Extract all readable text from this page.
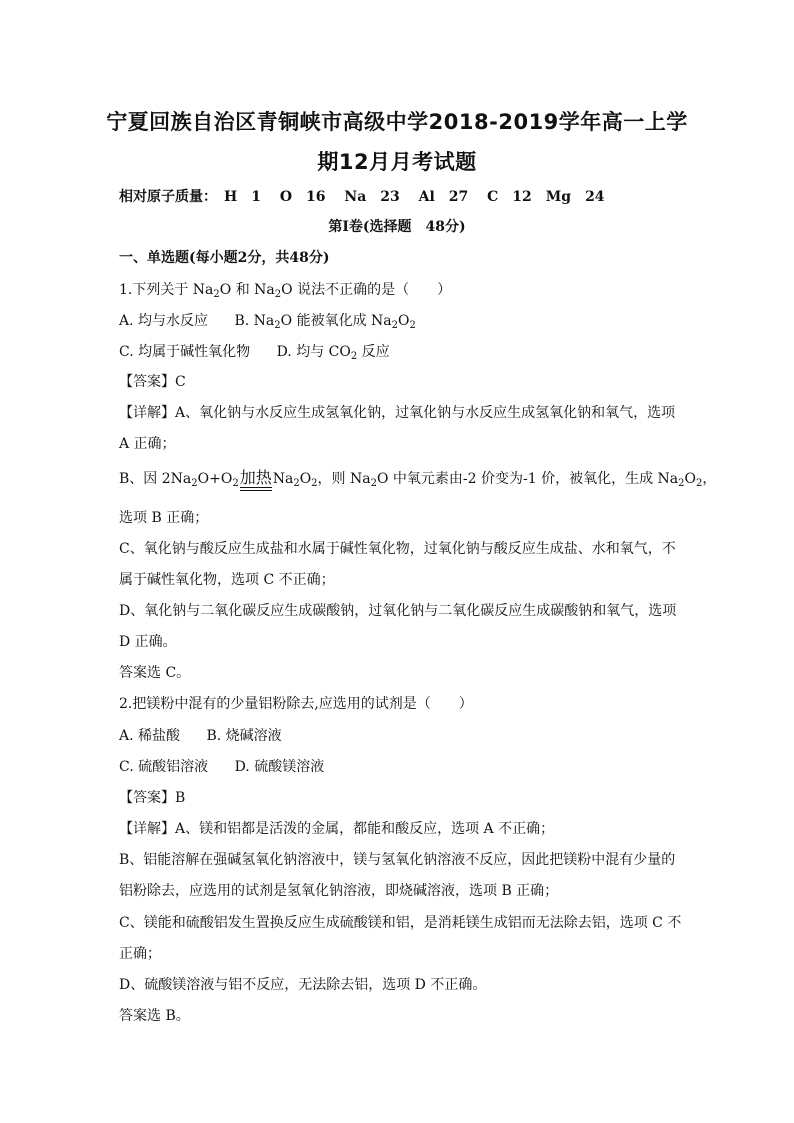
宁夏回族自治区青铜峡市高级中学2018-2019学年高一上学
期12月月考试题
相对原子质量：　H　1　 O　16　 Na　23　 Al　27　 C　12　Mg　24
第I卷(选择题　48分)
一、单选题(每小题2分，共48分)
1.下列关于 $Na_2O$ 和 $Na_2O$ 说法不正确的是（　　）
A. 均与水反应 B. $Na_2O$ 能被氧化成 $Na_2O_2$
C. 均属于碱性氧化物 D. 均与 $CO_2$ 反应
【答案】C
【详解】A、氧化钠与水反应生成氢氧化钠，过氧化钠与水反应生成氢氧化钠和氧气，选项
A 正确；
B、因 $2Na_2O+O_2$加热$Na_2O_2$，则 $Na_2O$ 中氧元素由-2 价变为-1 价，被氧化，生成 $Na_2O_2$，
选项 B 正确；
C、氧化钠与酸反应生成盐和水属于碱性氧化物，过氧化钠与酸反应生成盐、水和氧气，不
属于碱性氧化物，选项 C 不正确；
D、氧化钠与二氧化碳反应生成碳酸钠，过氧化钠与二氧化碳反应生成碳酸钠和氧气，选项
D 正确。
答案选 C。
2.把镁粉中混有的少量铝粉除去,应选用的试剂是（　　）
A. 稀盐酸 B. 烧碱溶液
C. 硫酸铝溶液 D. 硫酸镁溶液
【答案】B
【详解】A、镁和铝都是活泼的金属，都能和酸反应，选项 A 不正确；
B、铝能溶解在强碱氢氧化钠溶液中，镁与氢氧化钠溶液不反应，因此把镁粉中混有少量的
铝粉除去，应选用的试剂是氢氧化钠溶液，即烧碱溶液，选项 B 正确；
C、镁能和硫酸铝发生置换反应生成硫酸镁和铝，是消耗镁生成铝而无法除去铝，选项 C 不
正确；
D、硫酸镁溶液与铝不反应，无法除去铝，选项 D 不正确。
答案选 B。
